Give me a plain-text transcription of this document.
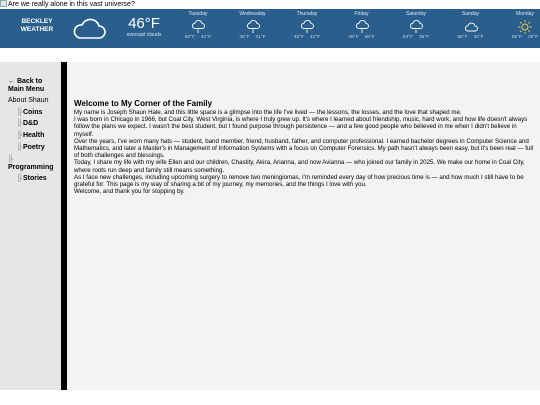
Are we really alone in this vast universe?
BECKLEY
WEATHER	46°F
overcast clouds
Tuesday
50°F 41°F
Wednesday
45°F 41°F
Thursday
45°F 41°F
Friday
48°F 36°F
Saturday
54°F 36°F
Sunday
55°F 34°F
Monday
55°F 39°F
← Back to
Main Menu
About Shaun
╠Coins
╠D&D
╠Health
╠Poetry
╠
Programming
╠Stories
Welcome to My Corner of the Family
My name is Joseph Shaun Hale, and this little space is a glimpse into the life I've lived — the lessons, the losses, and the love that shaped me.
I was born in Chicago in 1966, but Coal City, West Virginia, is where I truly grew up. It's where I learned about friendship, music, hard work, and how life doesn't always follow the plans we expect. I wasn't the best student, but I found purpose through persistence — and a few good people who believed in me when I didn't believe in myself.
Over the years, I've worn many hats — student, band member, friend, husband, father, and computer professional. I earned bachelor degrees in Computer Science and Mathematics, and later a Master's in Management of Information Systems with a focus on Computer Forensics. My path hasn't always been easy, but it's been real — full of both challenges and blessings.
Today, I share my life with my wife Ellen and our children, Chastity, Akira, Arianna, and now Avianna — who joined our family in 2025. We make our home in Coal City, where roots run deep and family still means something.
As I face new challenges, including upcoming surgery to remove two meningiomas, I'm reminded every day of how precious time is — and how much I still have to be grateful for. This page is my way of sharing a bit of my journey, my memories, and the things I love with you.
Welcome, and thank you for stopping by.
